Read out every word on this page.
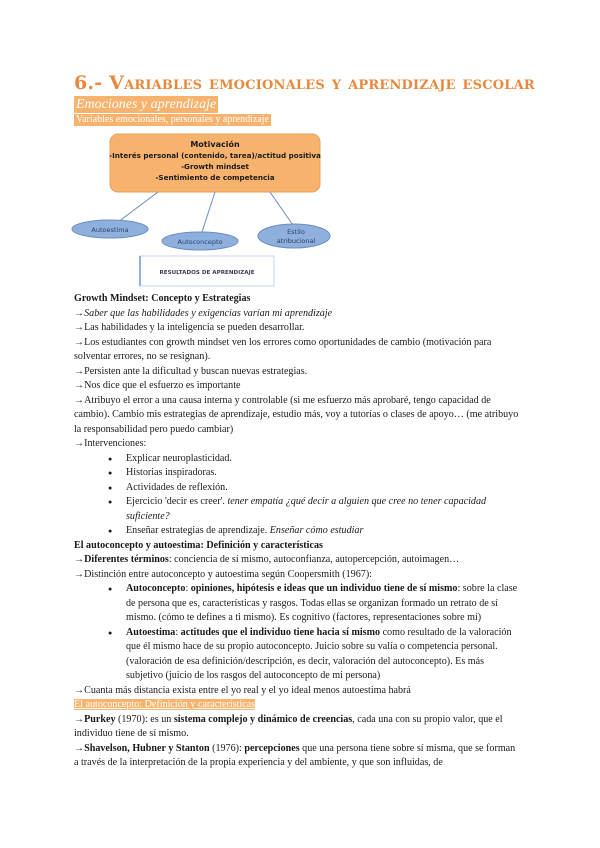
6.- Variables emocionales y aprendizaje escolar
Emociones y aprendizaje
Variables emocionales, personales y aprendizaje
Motivación
-Interés personal (contenido, tarea)/actitud positiva
-Growth mindset
-Sentimiento de competencia
Autoestima
Autoconcepto
Estilo
atribucional
RESULTADOS DE APRENDIZAJE

Growth Mindset: Concepto y Estrategias

→Saber que las habilidades y exigencias varían mi aprendizaje

→Las habilidades y la inteligencia se pueden desarrollar.

→Los estudiantes con growth mindset ven los errores como oportunidades de cambio (motivación para solventar errores, no se resignan).

→Persisten ante la dificultad y buscan nuevas estrategias.

→Nos dice que el esfuerzo es importante

→Atribuyo el error a una causa interna y controlable (si me esfuerzo más aprobaré, tengo capacidad de cambio). Cambio mis estrategias de aprendizaje, estudio más, voy a tutorías o clases de apoyo… (me atribuyo la responsabilidad pero puedo cambiar)

→Intervenciones:

● Explicar neuroplasticidad.
● Historias inspiradoras.
● Actividades de reflexión.
● Ejercicio 'decir es creer'. tener empatía ¿qué decir a alguien que cree no tener capacidad suficiente?
● Enseñar estrategias de aprendizaje. Enseñar cómo estudiar

El autoconcepto y autoestima: Definición y características

→Diferentes términos: conciencia de sí mismo, autoconfianza, autopercepción, autoimagen…

→Distinción entre autoconcepto y autoestima según Coopersmith (1967):

● Autoconcepto: opiniones, hipótesis e ideas que un individuo tiene de sí mismo: sobre la clase de persona que es, características y rasgos. Todas ellas se organizan formado un retrato de sí mismo. (cómo te defines a ti mismo). Es cognitivo (factores, representaciones sobre mí)
● Autoestima: actitudes que el individuo tiene hacia sí mismo como resultado de la valoración que él mismo hace de su propio autoconcepto. Juicio sobre su valía o competencia personal. (valoración de esa definición/descripción, es decir, valoración del autoconcepto). Es más subjetivo (juicio de los rasgos del autoconcepto de mi persona)

→Cuanta más distancia exista entre el yo real y el yo ideal menos autoestima habrá

El autoconcepto: Definición y características

→Purkey (1970): es un sistema complejo y dinámico de creencias, cada una con su propio valor, que el individuo tiene de sí mismo.

→Shavelson, Hubner y Stanton (1976): percepciones que una persona tiene sobre sí misma, que se forman a través de la interpretación de la propia experiencia y del ambiente, y que son influidas, de
